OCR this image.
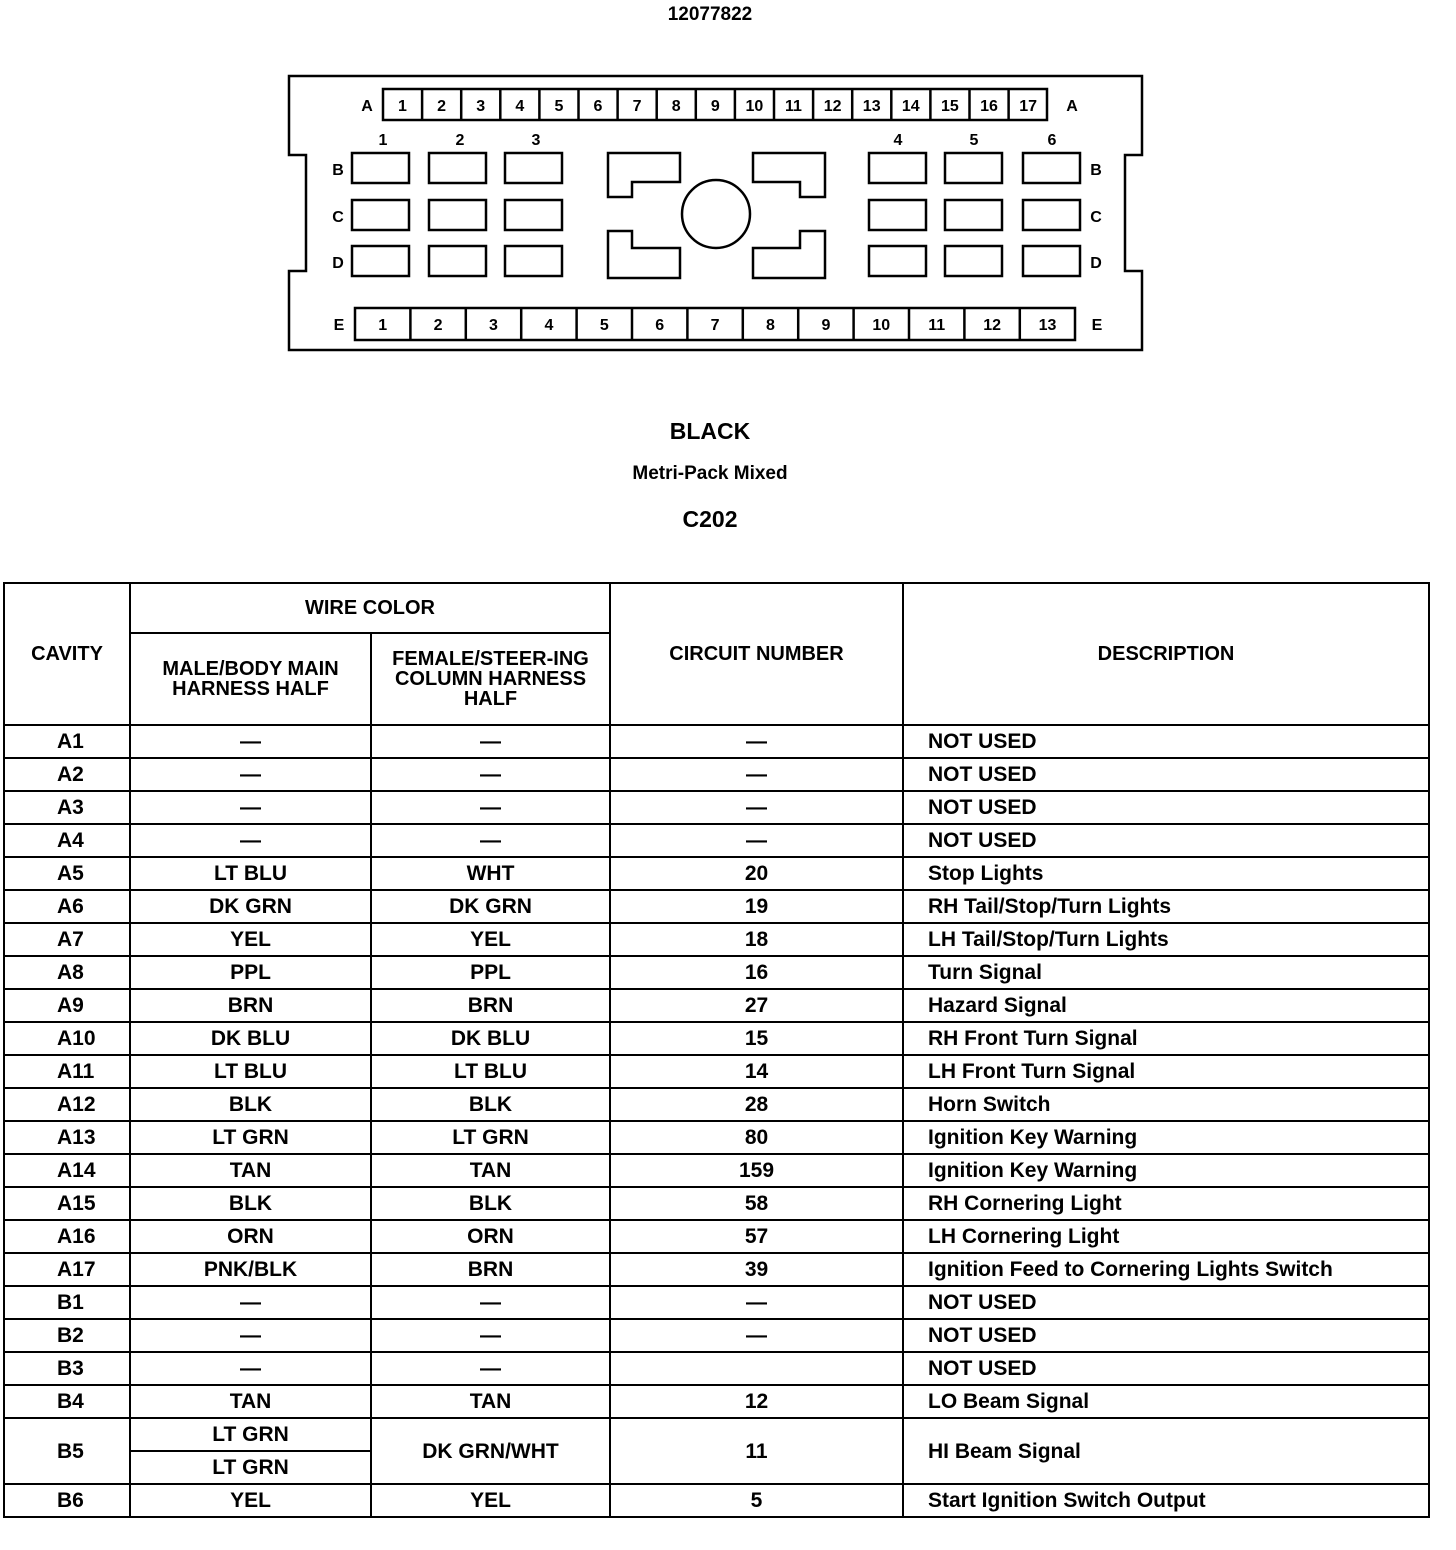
12077822
1 2 3 4 5 6 7 8 9 10 11 12 13 14 15 16 17
A	A
1	2	3	4	5	6	7	8	9	10 11 12 13
E	E
1	2	3	4	5	6
B	B
C	C
D	D
BLACK
Metri-Pack Mixed
C202
CAVITY	WIRE COLOR		CIRCUIT NUMBER	DESCRIPTION
	MALE/BODY MAIN HARNESS HALF	FEMALE/STEER-ING COLUMN HARNESS HALF		
A1	—	—	—	NOT USED
A2	—	—	—	NOT USED
A3	—	—	—	NOT USED
A4	—	—	—	NOT USED
A5	LT BLU	WHT	20	Stop Lights
A6	DK GRN	DK GRN	19	RH Tail/Stop/Turn Lights
A7	YEL	YEL	18	LH Tail/Stop/Turn Lights
A8	PPL	PPL	16	Turn Signal
A9	BRN	BRN	27	Hazard Signal
A10	DK BLU	DK BLU	15	RH Front Turn Signal
A11	LT BLU	LT BLU	14	LH Front Turn Signal
A12	BLK	BLK	28	Horn Switch
A13	LT GRN	LT GRN	80	Ignition Key Warning
A14	TAN	TAN	159	Ignition Key Warning
A15	BLK	BLK	58	RH Cornering Light
A16	ORN	ORN	57	LH Cornering Light
A17	PNK/BLK	BRN	39	Ignition Feed to Cornering Lights Switch
B1	—	—	—	NOT USED
B2	—	—	—	NOT USED
B3	—	—		NOT USED
B4	TAN	TAN	12	LO Beam Signal
B5	LT GRN	DK GRN/WHT	11	HI Beam Signal
	LT GRN			
B6	YEL	YEL	5	Start Ignition Switch Output
